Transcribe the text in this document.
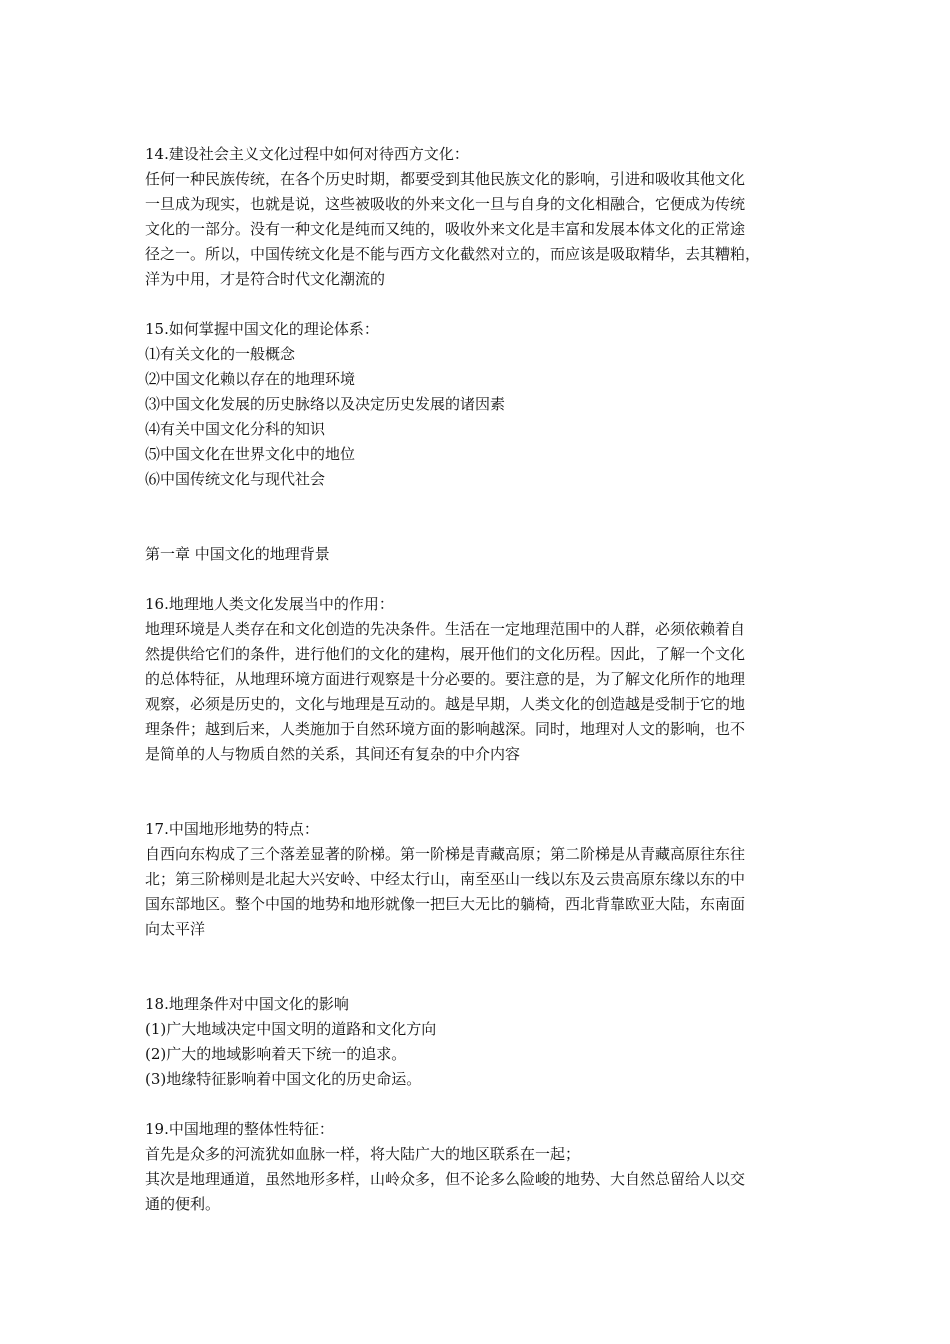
14.建设社会主义文化过程中如何对待西方文化：
任何一种民族传统，在各个历史时期，都要受到其他民族文化的影响，引进和吸收其他文化
一旦成为现实，也就是说，这些被吸收的外来文化一旦与自身的文化相融合，它便成为传统
文化的一部分。没有一种文化是纯而又纯的，吸收外来文化是丰富和发展本体文化的正常途
径之一。所以，中国传统文化是不能与西方文化截然对立的，而应该是吸取精华，去其糟粕，
洋为中用，才是符合时代文化潮流的
15.如何掌握中国文化的理论体系：
⑴有关文化的一般概念
⑵中国文化赖以存在的地理环境
⑶中国文化发展的历史脉络以及决定历史发展的诸因素
⑷有关中国文化分科的知识
⑸中国文化在世界文化中的地位
⑹中国传统文化与现代社会
第一章 中国文化的地理背景
16.地理地人类文化发展当中的作用：
地理环境是人类存在和文化创造的先决条件。生活在一定地理范围中的人群，必须依赖着自
然提供给它们的条件，进行他们的文化的建构，展开他们的文化历程。因此，了解一个文化
的总体特征，从地理环境方面进行观察是十分必要的。要注意的是，为了解文化所作的地理
观察，必须是历史的，文化与地理是互动的。越是早期，人类文化的创造越是受制于它的地
理条件；越到后来，人类施加于自然环境方面的影响越深。同时，地理对人文的影响，也不
是简单的人与物质自然的关系，其间还有复杂的中介内容
17.中国地形地势的特点：
自西向东构成了三个落差显著的阶梯。第一阶梯是青藏高原；第二阶梯是从青藏高原往东往
北；第三阶梯则是北起大兴安岭、中经太行山，南至巫山一线以东及云贵高原东缘以东的中
国东部地区。整个中国的地势和地形就像一把巨大无比的躺椅，西北背靠欧亚大陆，东南面
向太平洋
18.地理条件对中国文化的影响
(1)广大地域决定中国文明的道路和文化方向
(2)广大的地域影响着天下统一的追求。
(3)地缘特征影响着中国文化的历史命运。
19.中国地理的整体性特征：
首先是众多的河流犹如血脉一样，将大陆广大的地区联系在一起；
其次是地理通道，虽然地形多样，山岭众多，但不论多么险峻的地势、大自然总留给人以交
通的便利。
